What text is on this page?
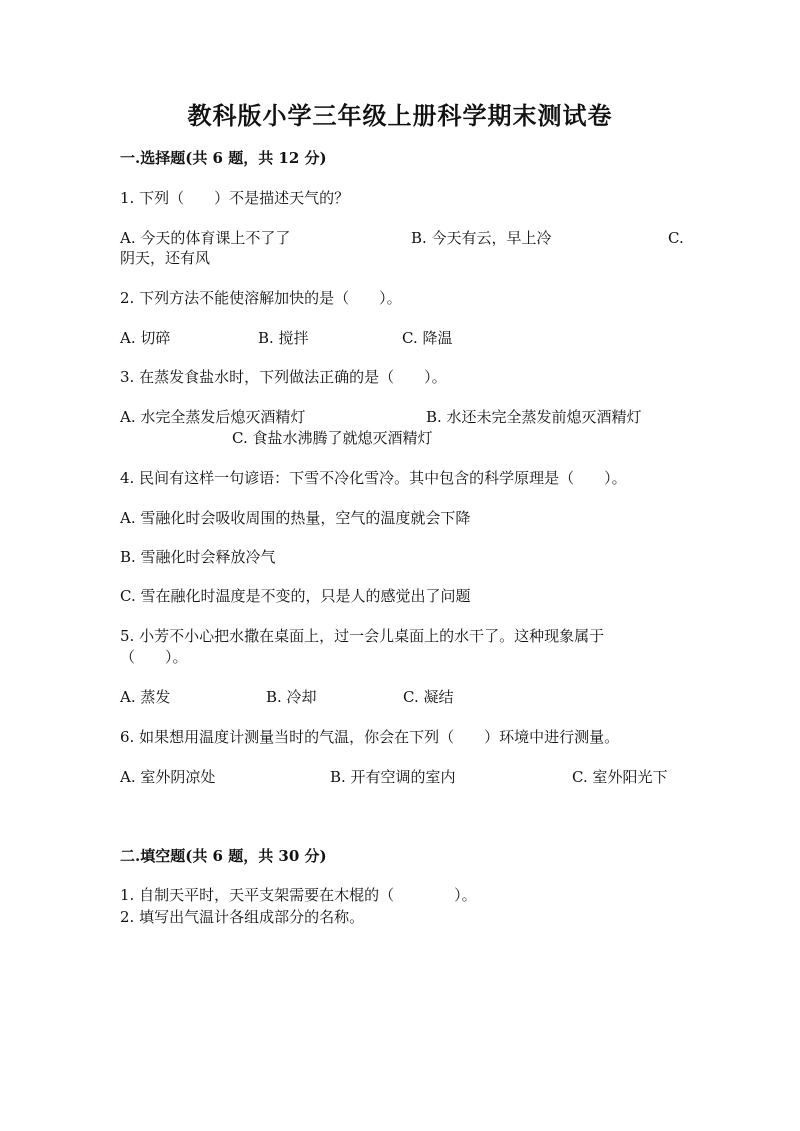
教科版小学三年级上册科学期末测试卷
一.选择题(共 6 题，共 12 分)
1. 下列（　　）不是描述天气的？
A. 今天的体育课上不了了	B. 今天有云，早上冷	C.
阴天，还有风
2. 下列方法不能使溶解加快的是（　　）。
A. 切碎	B. 搅拌	C. 降温
3. 在蒸发食盐水时，下列做法正确的是（　　）。
A. 水完全蒸发后熄灭酒精灯	B. 水还未完全蒸发前熄灭酒精灯
C. 食盐水沸腾了就熄灭酒精灯
4. 民间有这样一句谚语：下雪不冷化雪冷。其中包含的科学原理是（　　）。
A. 雪融化时会吸收周围的热量，空气的温度就会下降
B. 雪融化时会释放冷气
C. 雪在融化时温度是不变的，只是人的感觉出了问题
5. 小芳不小心把水撒在桌面上，过一会儿桌面上的水干了。这种现象属于
（　　）。
A. 蒸发	B. 冷却	C. 凝结
6. 如果想用温度计测量当时的气温，你会在下列（　　）环境中进行测量。
A. 室外阴凉处	B. 开有空调的室内	C. 室外阳光下
二.填空题(共 6 题，共 30 分)
1. 自制天平时，天平支架需要在木棍的（　　　　）。
2. 填写出气温计各组成部分的名称。
